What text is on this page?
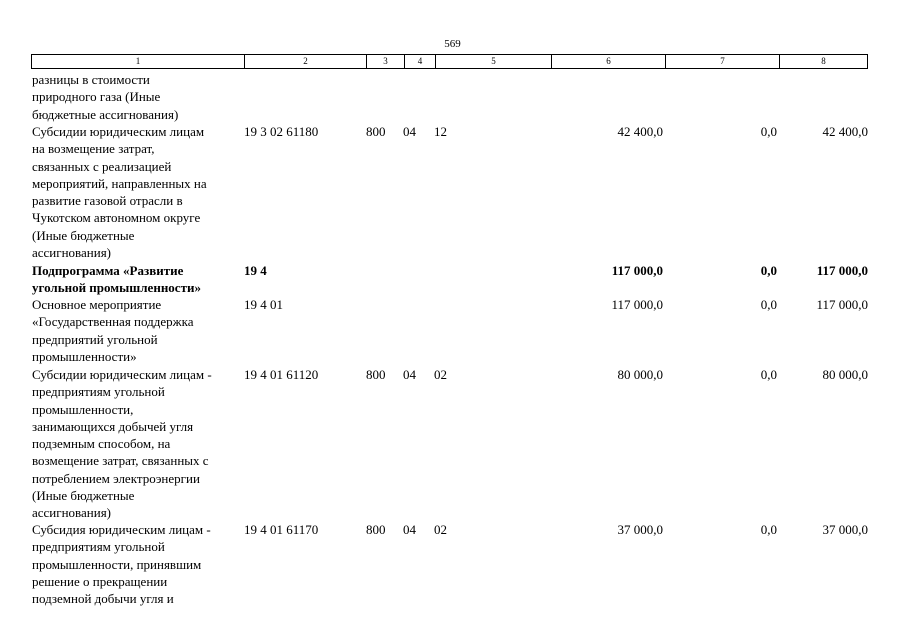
569
1	2	3	4	5	6	7	8
разницы в стоимости
природного газа (Иные
бюджетные ассигнования)
Субсидии юридическим лицам
на возмещение затрат,
связанных с реализацией
мероприятий, направленных на
развитие газовой отрасли в
Чукотском автономном округе
(Иные бюджетные
ассигнования)
19 3 02 61180	800 04 12	42 400,0	0,0	42 400,0
Подпрограмма «Развитие
угольной промышленности»
19 4	117 000,0	0,0	117 000,0
Основное мероприятие
«Государственная поддержка
предприятий угольной
промышленности»
19 4 01	117 000,0	0,0	117 000,0
Субсидии юридическим лицам -
предприятиям угольной
промышленности,
занимающихся добычей угля
подземным способом, на
возмещение затрат, связанных с
потреблением электроэнергии
(Иные бюджетные
ассигнования)
19 4 01 61120	800 04 02	80 000,0	0,0	80 000,0
Субсидия юридическим лицам -
предприятиям угольной
промышленности, принявшим
решение о прекращении
подземной добычи угля и
19 4 01 61170	800 04 02	37 000,0	0,0	37 000,0
